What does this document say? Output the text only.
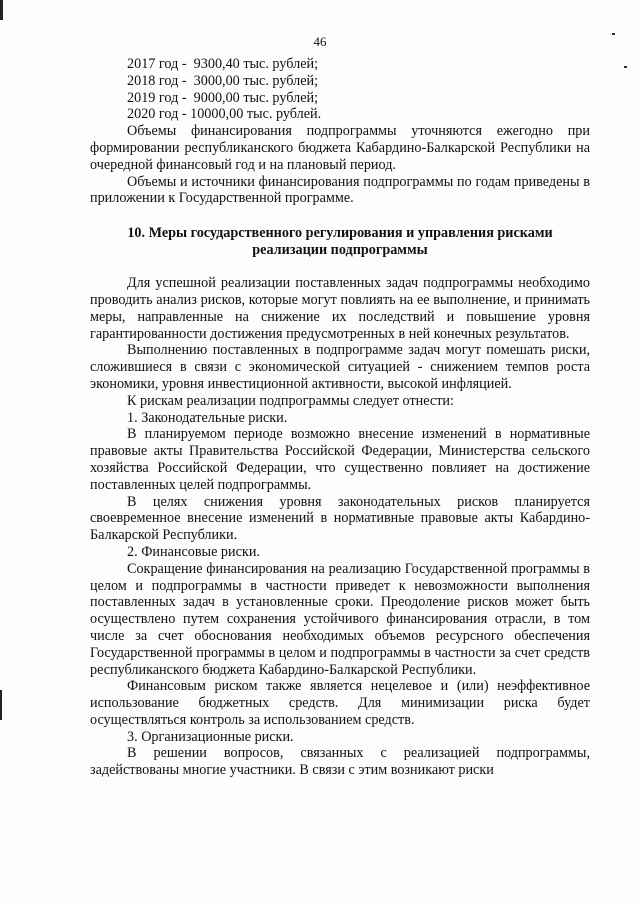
46
2017 год - 9300,40 тыс. рублей;
2018 год - 3000,00 тыс. рублей;
2019 год - 9000,00 тыс. рублей;
2020 год - 10000,00 тыс. рублей.

Объемы финансирования подпрограммы уточняются ежегодно при формировании республиканского бюджета Кабардино-Балкарской Республики на очередной финансовый год и на плановый период.

Объемы и источники финансирования подпрограммы по годам приведены в приложении к Государственной программе.

10. Меры государственного регулирования и управления рисками
реализации подпрограммы

Для успешной реализации поставленных задач подпрограммы необходимо проводить анализ рисков, которые могут повлиять на ее выполнение, и принимать меры, направленные на снижение их последствий и повышение уровня гарантированности достижения предусмотренных в ней конечных результатов.

Выполнению поставленных в подпрограмме задач могут помешать риски, сложившиеся в связи с экономической ситуацией - снижением темпов роста экономики, уровня инвестиционной активности, высокой инфляцией.

К рискам реализации подпрограммы следует отнести:

1. Законодательные риски.

В планируемом периоде возможно внесение изменений в нормативные правовые акты Правительства Российской Федерации, Министерства сельского хозяйства Российской Федерации, что существенно повлияет на достижение поставленных целей подпрограммы.

В целях снижения уровня законодательных рисков планируется своевременное внесение изменений в нормативные правовые акты Кабардино-Балкарской Республики.

2. Финансовые риски.

Сокращение финансирования на реализацию Государственной программы в целом и подпрограммы в частности приведет к невозможности выполнения поставленных задач в установленные сроки. Преодоление рисков может быть осуществлено путем сохранения устойчивого финансирования отрасли, в том числе за счет обоснования необходимых объемов ресурсного обеспечения Государственной программы в целом и подпрограммы в частности за счет средств республиканского бюджета Кабардино-Балкарской Республики.

Финансовым риском также является нецелевое и (или) неэффективное использование бюджетных средств. Для минимизации риска будет осуществляться контроль за использованием средств.

3. Организационные риски.

В решении вопросов, связанных с реализацией подпрограммы, задействованы многие участники. В связи с этим возникают риски
